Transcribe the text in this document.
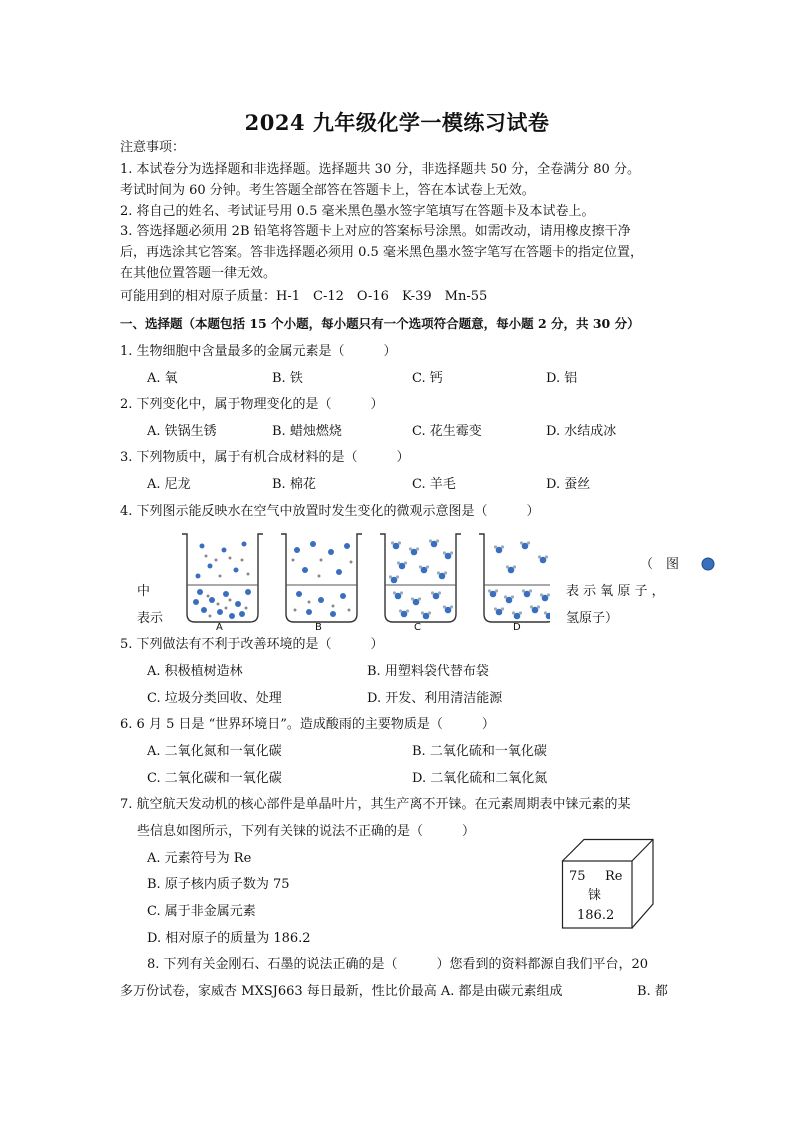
2024 九年级化学一模练习试卷
注意事项：
1. 本试卷分为选择题和非选择题。选择题共 30 分，非选择题共 50 分，全卷满分 80 分。
考试时间为 60 分钟。考生答题全部答在答题卡上，答在本试卷上无效。
2. 将自己的姓名、考试证号用 0.5 毫米黑色墨水签字笔填写在答题卡及本试卷上。
3. 答选择题必须用 2B 铅笔将答题卡上对应的答案标号涂黑。如需改动，请用橡皮擦干净
后，再选涂其它答案。答非选择题必须用 0.5 毫米黑色墨水签字笔写在答题卡的指定位置，
在其他位置答题一律无效。
可能用到的相对原子质量：H-1　C-12　O-16　K-39　Mn-55
一、选择题（本题包括 15 个小题，每小题只有一个选项符合题意，每小题 2 分，共 30 分）
1. 生物细胞中含量最多的金属元素是（　　　）
A. 氧	B. 铁	C. 钙	D. 铝
2. 下列变化中，属于物理变化的是（　　　）
A. 铁锅生锈	B. 蜡烛燃烧	C. 花生霉变	D. 水结成冰
3. 下列物质中，属于有机合成材料的是（　　　）
A. 尼龙	B. 棉花	C. 羊毛	D. 蚕丝
4. 下列图示能反映水在空气中放置时发生变化的微观示意图是（　　　）
中
表示
（　图
表 示 氧 原 子 ，
氢原子）
A	B	C	D
5. 下列做法有不利于改善环境的是（　　　）
A. 积极植树造林	B. 用塑料袋代替布袋
C. 垃圾分类回收、处理	D. 开发、利用清洁能源
6. 6 月 5 日是 “世界环境日”。造成酸雨的主要物质是（　　　）
A. 二氧化氮和一氧化碳	B. 二氧化硫和一氧化碳
C. 二氧化碳和一氧化碳	D. 二氧化硫和二氧化氮
7. 航空航天发动机的核心部件是单晶叶片，其生产离不开铼。在元素周期表中铼元素的某
些信息如图所示，下列有关铼的说法不正确的是（　　　）
A. 元素符号为 Re
B. 原子核内质子数为 75
C. 属于非金属元素
D. 相对原子的质量为 186.2
75 Re
铼
186.2
8. 下列有关金刚石、石墨的说法正确的是（　　　）您看到的资料都源自我们平台，20
多万份试卷，家威杏 MXSJ663 每日最新，性比价最高 A. 都是由碳元素组成	B. 都
